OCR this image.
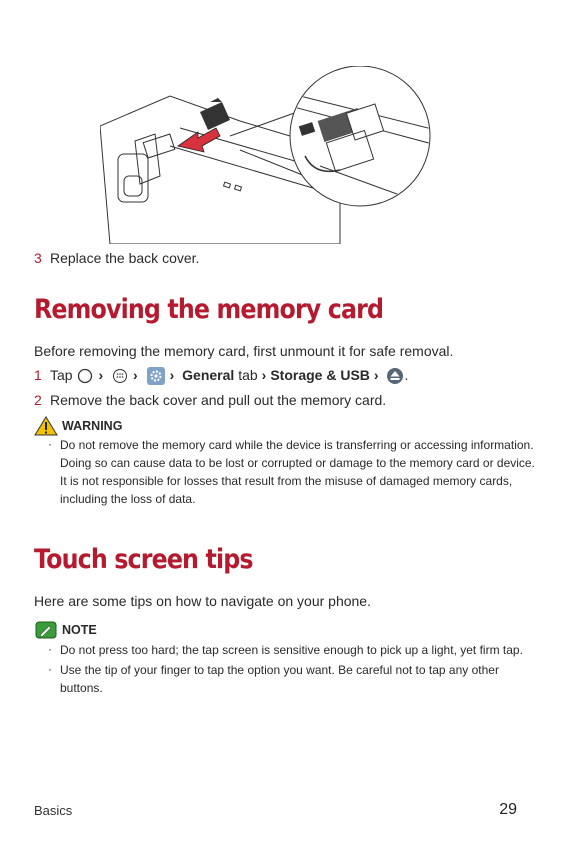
3 Replace the back cover.
Removing the memory card
Before removing the memory card, first unmount it for safe removal.
1 Tap › › › General tab › Storage & USB › .
2 Remove the back cover and pull out the memory card.
WARNING
· Do not remove the memory card while the device is transferring or accessing information. Doing so can cause data to be lost or corrupted or damage to the memory card or device. It is not responsible for losses that result from the misuse of damaged memory cards, including the loss of data.
Touch screen tips
Here are some tips on how to navigate on your phone.
NOTE
· Do not press too hard; the tap screen is sensitive enough to pick up a light, yet firm tap.
· Use the tip of your finger to tap the option you want. Be careful not to tap any other buttons.
Basics	29
